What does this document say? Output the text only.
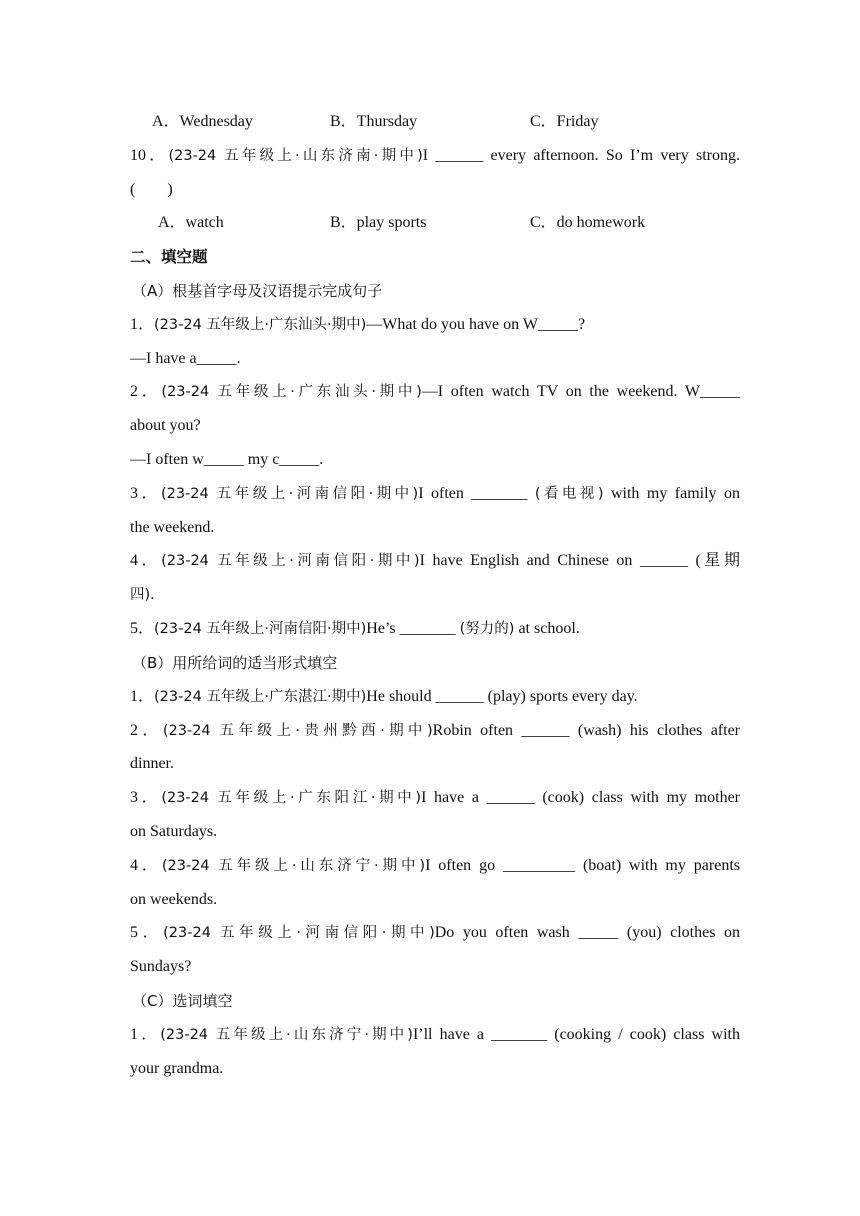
A．Wednesday	B．Thursday	C．Friday
10．(23-24 五年级上·山东济南·期中)I ______ every afternoon. So I’m very strong.
(　　)
A．watch	B．play sports	C．do homework
二、填空题
（A）根基首字母及汉语提示完成句子
1．(23-24 五年级上·广东汕头·期中)—What do you have on W_____?
—I have a_____.
2．(23-24 五年级上·广东汕头·期中)—I often watch TV on the weekend. W_____
about you?
—I often w_____ my c_____.
3．(23-24 五年级上·河南信阳·期中)I often _______ (看电视) with my family on
the weekend.
4．(23-24 五年级上·河南信阳·期中)I have English and Chinese on ______ (星期
四).
5．(23-24 五年级上·河南信阳·期中)He’s _______ (努力的) at school.
（B）用所给词的适当形式填空
1．(23-24 五年级上·广东湛江·期中)He should ______ (play) sports every day.
2．(23-24 五年级上·贵州黔西·期中)Robin often ______ (wash) his clothes after
dinner.
3．(23-24 五年级上·广东阳江·期中)I have a ______ (cook) class with my mother
on Saturdays.
4．(23-24 五年级上·山东济宁·期中)I often go _________ (boat) with my parents
on weekends.
5．(23-24 五年级上·河南信阳·期中)Do you often wash _____ (you) clothes on
Sundays?
（C）选词填空
1．(23-24 五年级上·山东济宁·期中)I’ll have a _______ (cooking / cook) class with
your grandma.
